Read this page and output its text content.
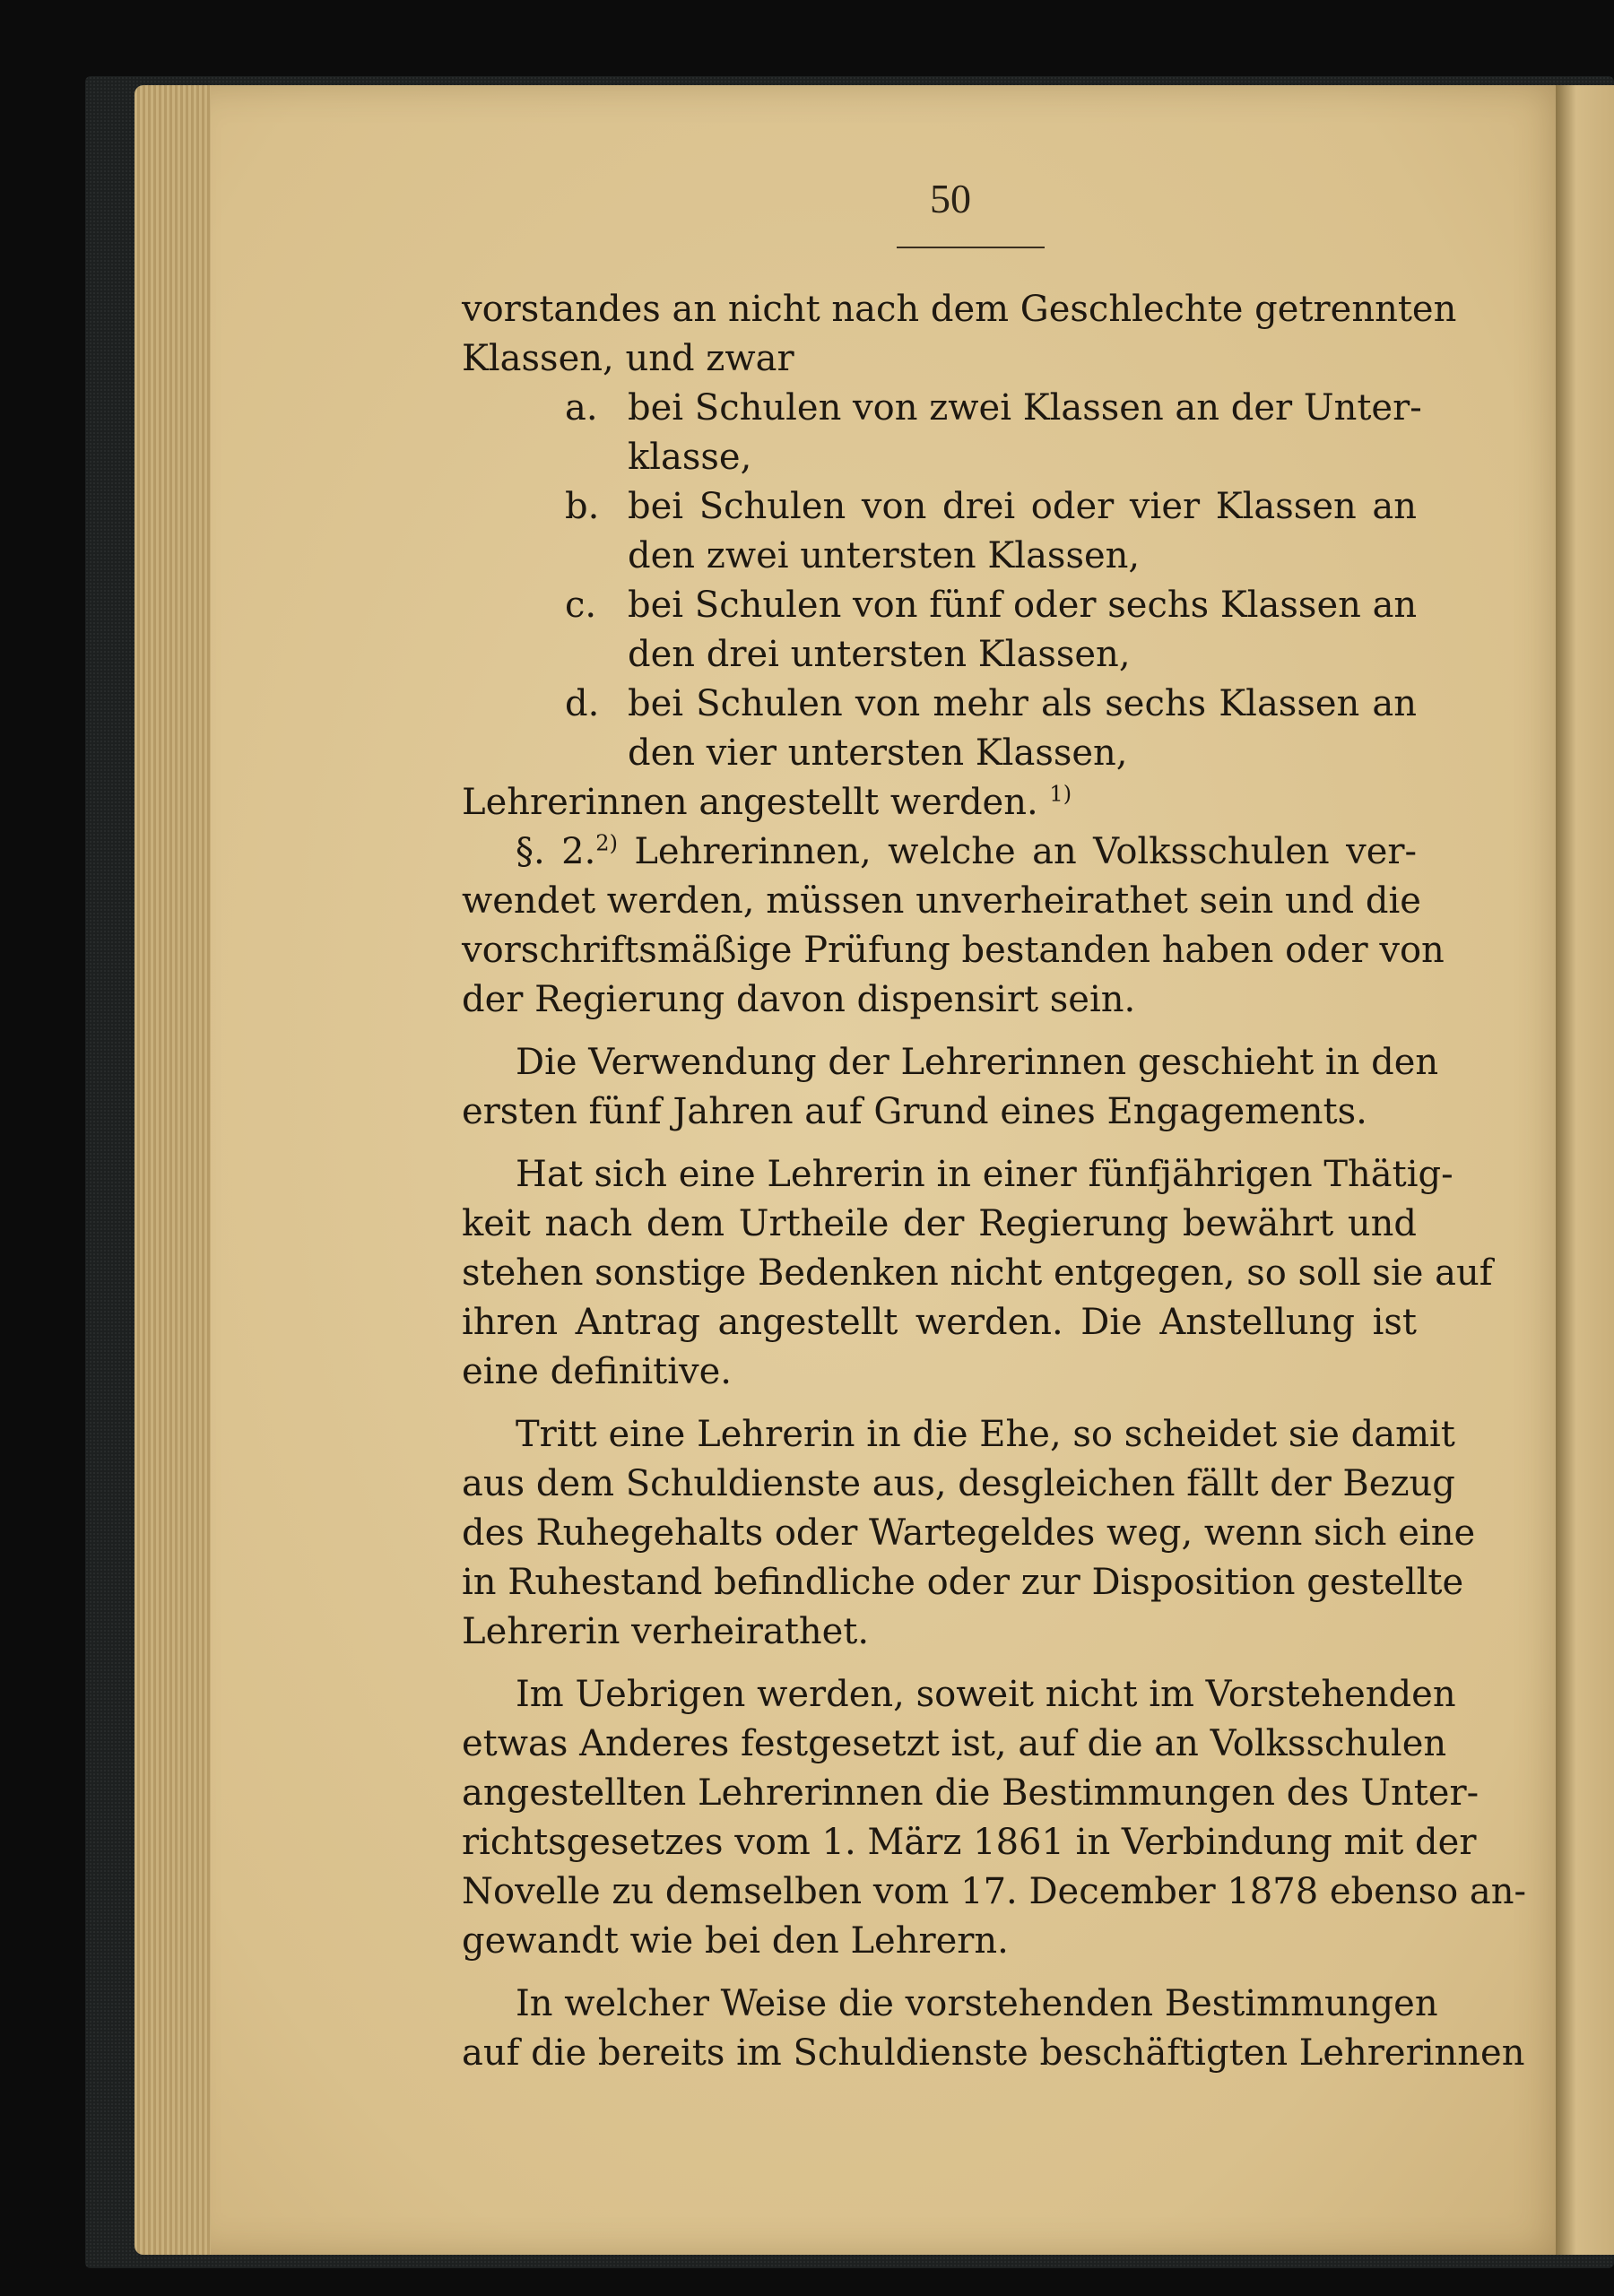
50
vorstandes an nicht nach dem Geschlechte getrennten
Klassen, und zwar
a. bei Schulen von zwei Klassen an der Unter-
klasse,
b. bei Schulen von drei oder vier Klassen an
den zwei untersten Klassen,
c. bei Schulen von fünf oder sechs Klassen an
den drei untersten Klassen,
d. bei Schulen von mehr als sechs Klassen an
den vier untersten Klassen,
Lehrerinnen angestellt werden. $^{1)}$
§. 2.$^{2)}$ Lehrerinnen, welche an Volksschulen ver-
wendet werden, müssen unverheirathet sein und die
vorschriftsmäßige Prüfung bestanden haben oder von
der Regierung davon dispensirt sein.
Die Verwendung der Lehrerinnen geschieht in den
ersten fünf Jahren auf Grund eines Engagements.
Hat sich eine Lehrerin in einer fünfjährigen Thätig-
keit nach dem Urtheile der Regierung bewährt und
stehen sonstige Bedenken nicht entgegen, so soll sie auf
ihren Antrag angestellt werden. Die Anstellung ist
eine definitive.
Tritt eine Lehrerin in die Ehe, so scheidet sie damit
aus dem Schuldienste aus, desgleichen fällt der Bezug
des Ruhegehalts oder Wartegeldes weg, wenn sich eine
in Ruhestand befindliche oder zur Disposition gestellte
Lehrerin verheirathet.
Im Uebrigen werden, soweit nicht im Vorstehenden
etwas Anderes festgesetzt ist, auf die an Volksschulen
angestellten Lehrerinnen die Bestimmungen des Unter-
richtsgesetzes vom 1. März 1861 in Verbindung mit der
Novelle zu demselben vom 17. December 1878 ebenso an-
gewandt wie bei den Lehrern.
In welcher Weise die vorstehenden Bestimmungen
auf die bereits im Schuldienste beschäftigten Lehrerinnen
